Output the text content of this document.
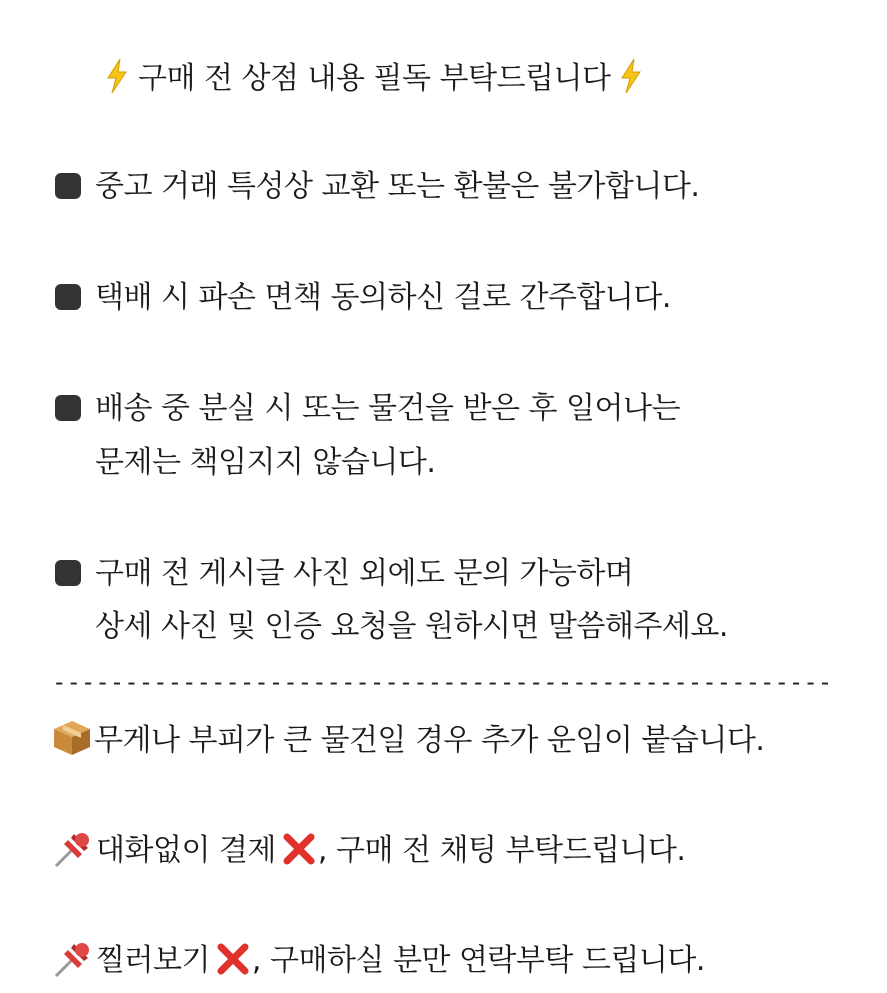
구매 전 상점 내용 필독 부탁드립니다
중고 거래 특성상 교환 또는 환불은 불가합니다.
택배 시 파손 면책 동의하신 걸로 간주합니다.
배송 중 분실 시 또는 물건을 받은 후 일어나는
문제는 책임지지 않습니다.
구매 전 게시글 사진 외에도 문의 가능하며
상세 사진 및 인증 요청을 원하시면 말씀해주세요.
------------------------------------------------------
무게나 부피가 큰 물건일 경우 추가 운임이 붙습니다.
대화없이 결제 , 구매 전 채팅 부탁드립니다.
찔러보기 , 구매하실 분만 연락부탁 드립니다.
